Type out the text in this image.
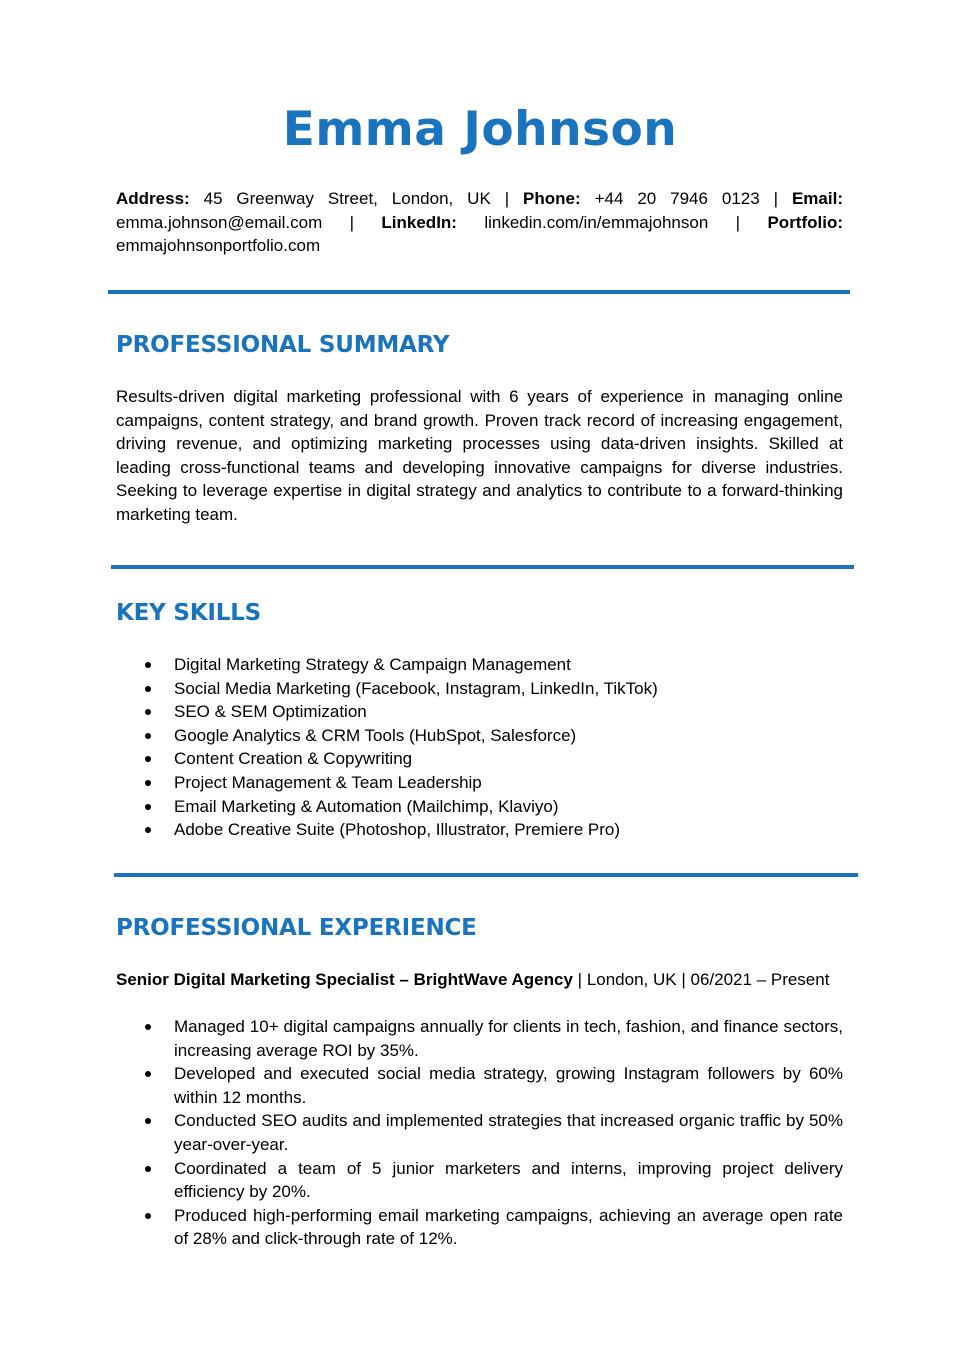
Emma Johnson

Address: 45 Greenway Street, London, UK | Phone: +44 20 7946 0123 | Email: emma.johnson@email.com | LinkedIn: linkedin.com/in/emmajohnson | Portfolio: emmajohnsonportfolio.com

PROFESSIONAL SUMMARY

Results-driven digital marketing professional with 6 years of experience in managing online campaigns, content strategy, and brand growth. Proven track record of increasing engagement, driving revenue, and optimizing marketing processes using data-driven insights. Skilled at leading cross-functional teams and developing innovative campaigns for diverse industries. Seeking to leverage expertise in digital strategy and analytics to contribute to a forward-thinking marketing team.

KEY SKILLS
Digital Marketing Strategy & Campaign Management
Social Media Marketing (Facebook, Instagram, LinkedIn, TikTok)
SEO & SEM Optimization
Google Analytics & CRM Tools (HubSpot, Salesforce)
Content Creation & Copywriting
Project Management & Team Leadership
Email Marketing & Automation (Mailchimp, Klaviyo)
Adobe Creative Suite (Photoshop, Illustrator, Premiere Pro)
PROFESSIONAL EXPERIENCE

Senior Digital Marketing Specialist – BrightWave Agency | London, UK | 06/2021 – Present

Managed 10+ digital campaigns annually for clients in tech, fashion, and finance sectors, increasing average ROI by 35%.
Developed and executed social media strategy, growing Instagram followers by 60% within 12 months.
Conducted SEO audits and implemented strategies that increased organic traffic by 50% year-over-year.
Coordinated a team of 5 junior marketers and interns, improving project delivery efficiency by 20%.
Produced high-performing email marketing campaigns, achieving an average open rate of 28% and click-through rate of 12%.
